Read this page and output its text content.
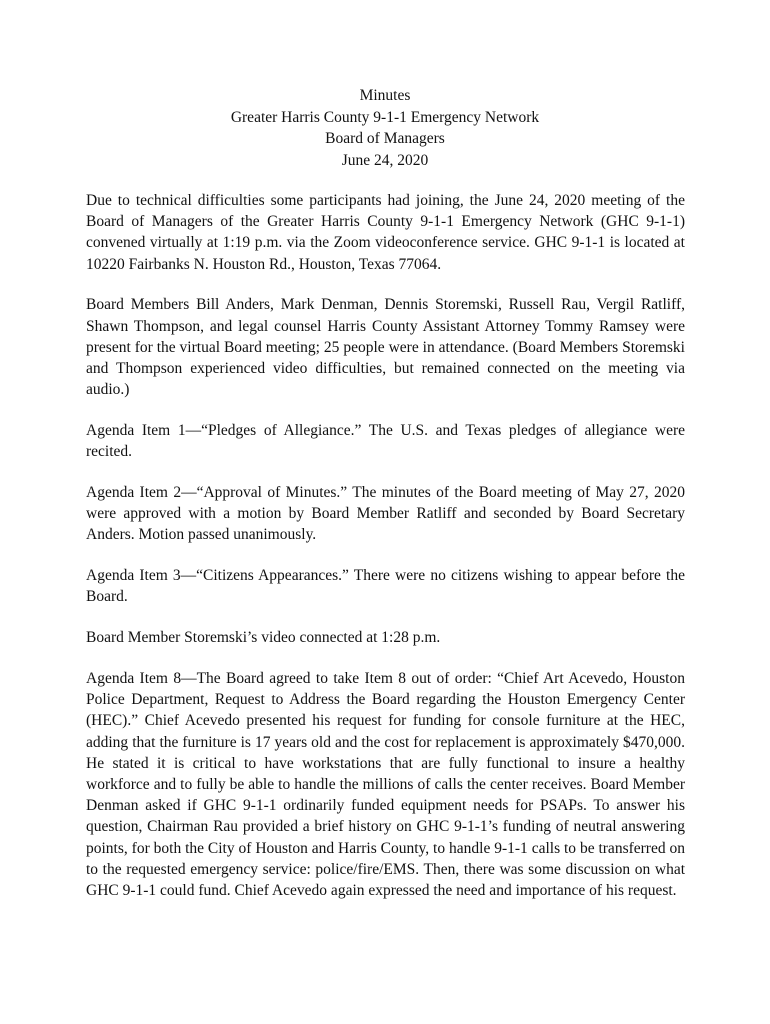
Minutes
Greater Harris County 9-1-1 Emergency Network
Board of Managers
June 24, 2020

Due to technical difficulties some participants had joining, the June 24, 2020 meeting of the Board of Managers of the Greater Harris County 9-1-1 Emergency Network (GHC 9-1-1) convened virtually at 1:19 p.m. via the Zoom videoconference service. GHC 9-1-1 is located at 10220 Fairbanks N. Houston Rd., Houston, Texas 77064.

Board Members Bill Anders, Mark Denman, Dennis Storemski, Russell Rau, Vergil Ratliff, Shawn Thompson, and legal counsel Harris County Assistant Attorney Tommy Ramsey were present for the virtual Board meeting; 25 people were in attendance. (Board Members Storemski and Thompson experienced video difficulties, but remained connected on the meeting via audio.)

Agenda Item 1—“Pledges of Allegiance.” The U.S. and Texas pledges of allegiance were recited.

Agenda Item 2—“Approval of Minutes.” The minutes of the Board meeting of May 27, 2020 were approved with a motion by Board Member Ratliff and seconded by Board Secretary Anders. Motion passed unanimously.

Agenda Item 3—“Citizens Appearances.” There were no citizens wishing to appear before the Board.

Board Member Storemski’s video connected at 1:28 p.m.

Agenda Item 8—The Board agreed to take Item 8 out of order: “Chief Art Acevedo, Houston Police Department, Request to Address the Board regarding the Houston Emergency Center (HEC).” Chief Acevedo presented his request for funding for console furniture at the HEC, adding that the furniture is 17 years old and the cost for replacement is approximately $470,000. He stated it is critical to have workstations that are fully functional to insure a healthy workforce and to fully be able to handle the millions of calls the center receives. Board Member Denman asked if GHC 9-1-1 ordinarily funded equipment needs for PSAPs. To answer his question, Chairman Rau provided a brief history on GHC 9-1-1’s funding of neutral answering points, for both the City of Houston and Harris County, to handle 9-1-1 calls to be transferred on to the requested emergency service: police/fire/EMS. Then, there was some discussion on what GHC 9-1-1 could fund. Chief Acevedo again expressed the need and importance of his request.
